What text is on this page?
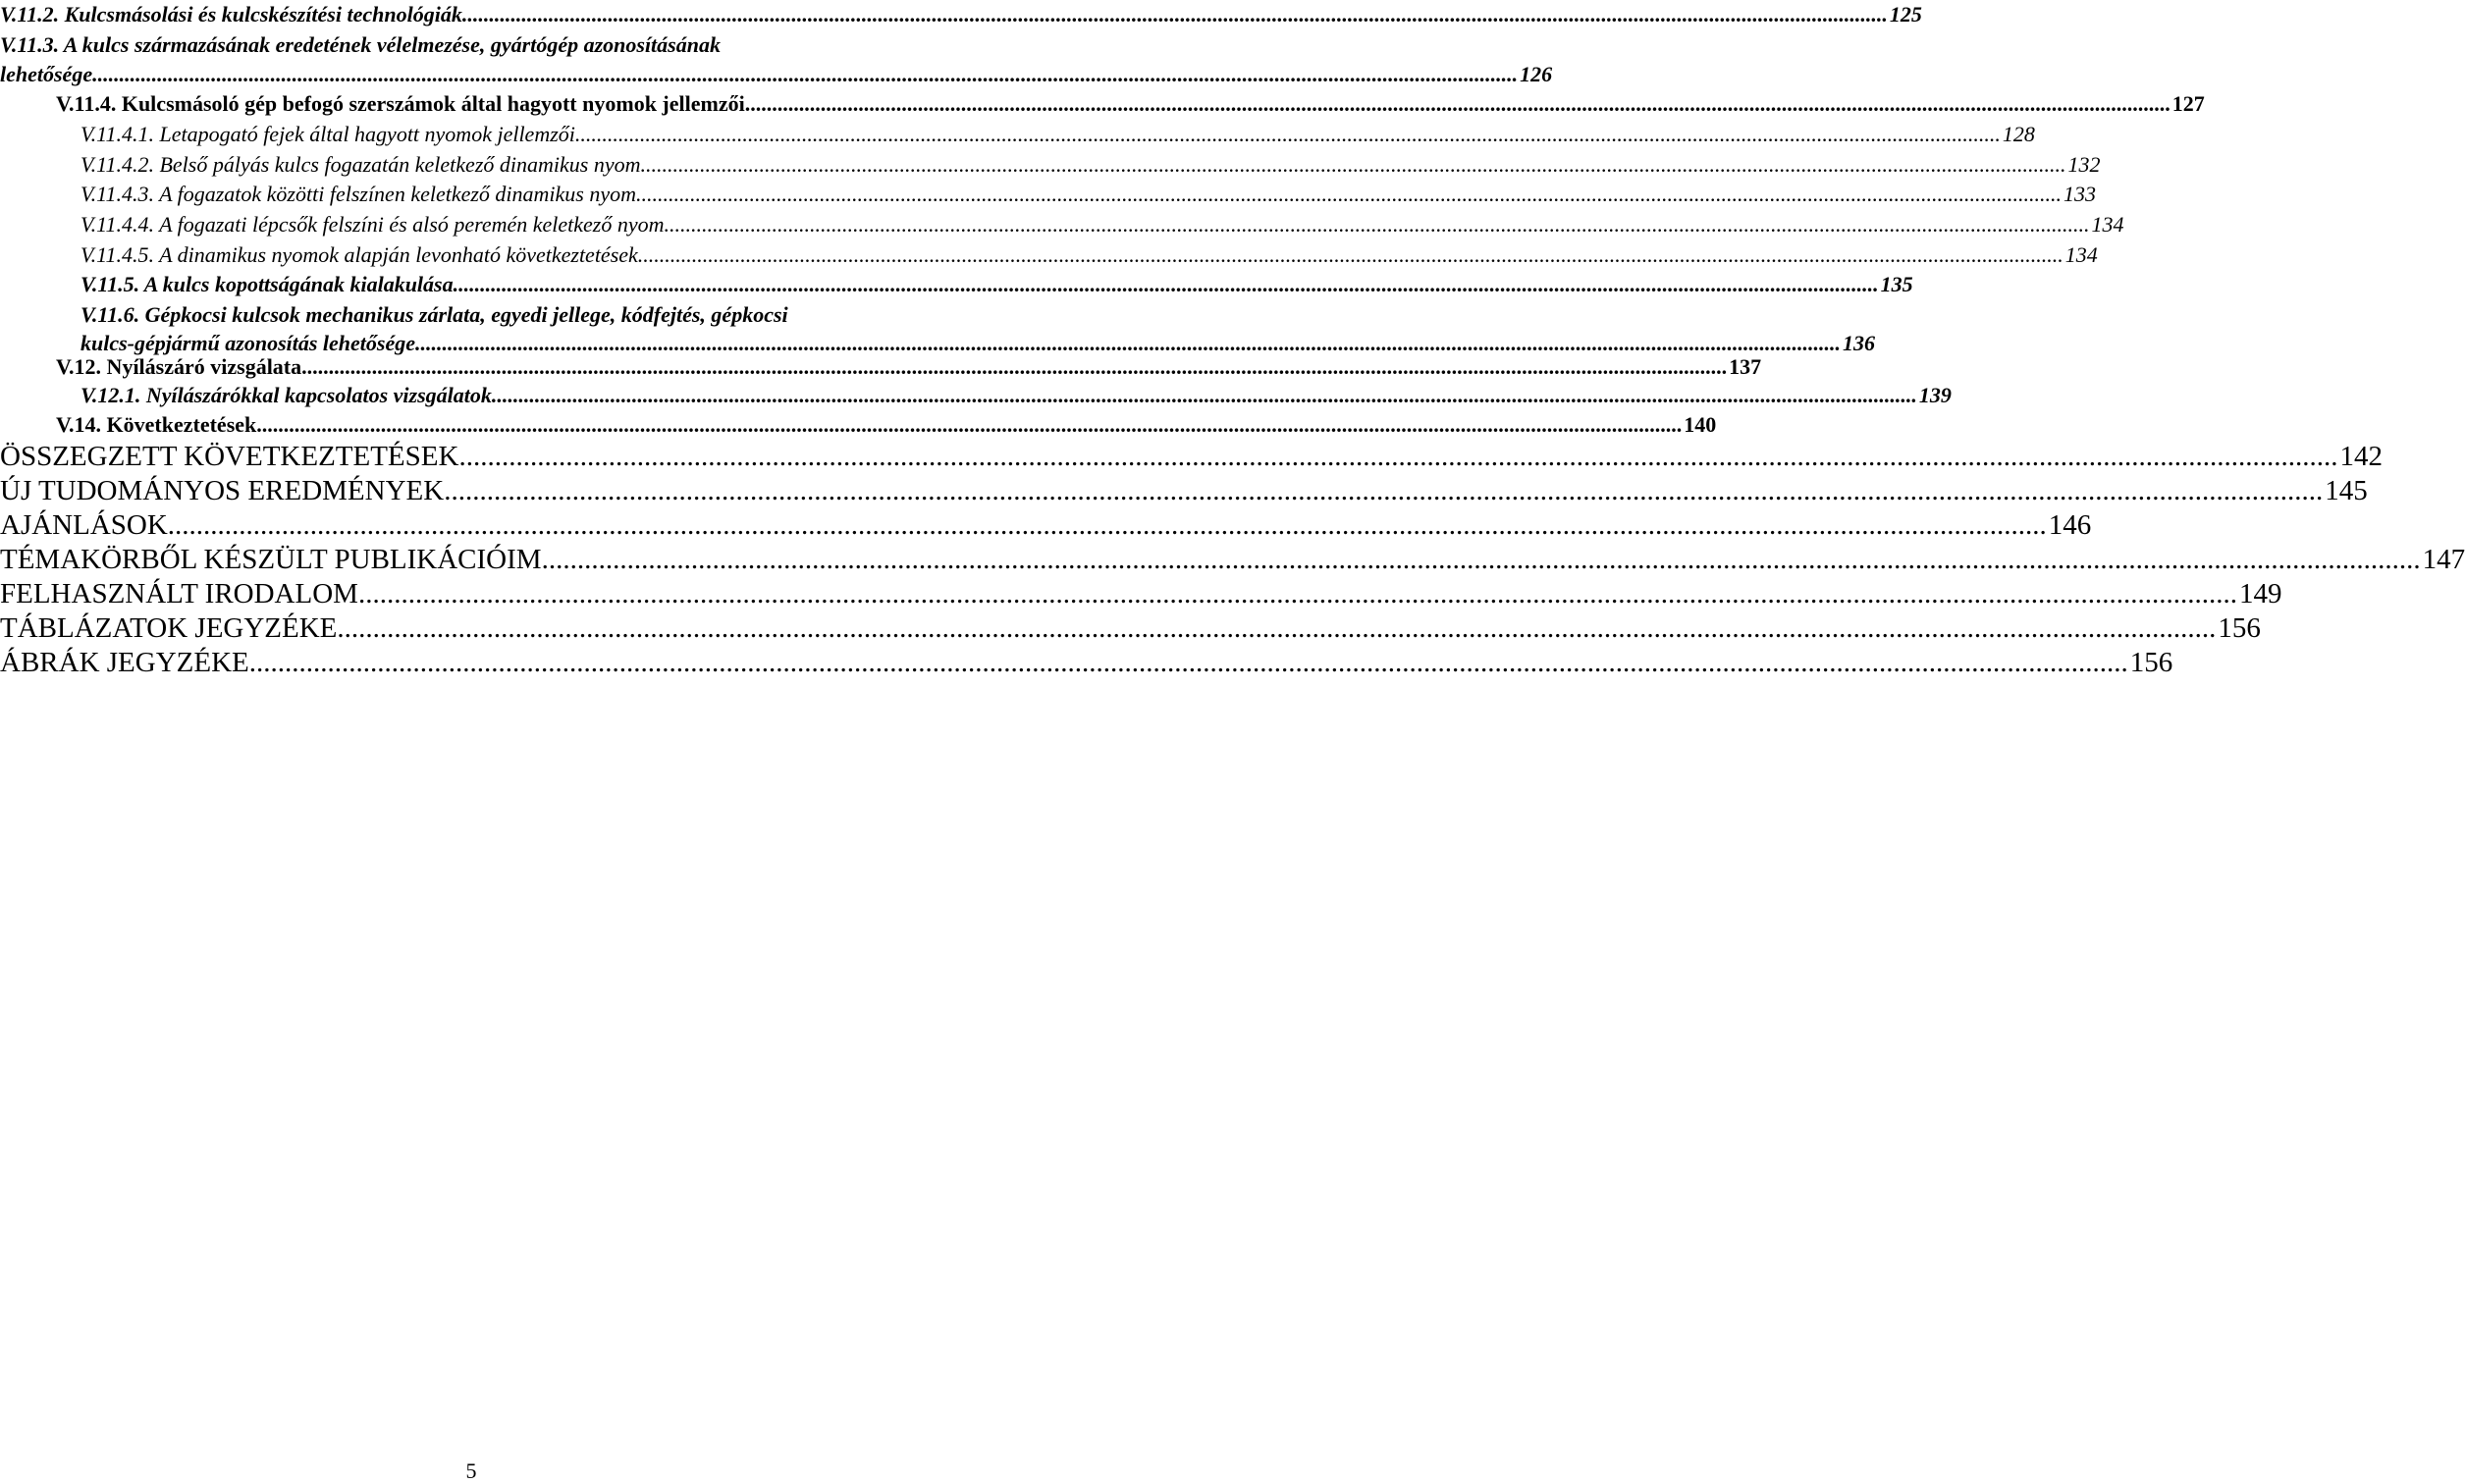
V.11.2. Kulcsmásolási és kulcskészítési technológiák .....	125
V.11.3. A kulcs származásának eredetének vélelmezése, gyártógép azonosításának
lehetősége .....	126
V.11.4. Kulcsmásoló gép befogó szerszámok által hagyott nyomok jellemzői .....	127
V.11.4.1. Letapogató fejek által hagyott nyomok jellemzői .....	128
V.11.4.2. Belső pályás kulcs fogazatán keletkező dinamikus nyom .....	132
V.11.4.3. A fogazatok közötti felszínen keletkező dinamikus nyom .....	133
V.11.4.4. A fogazati lépcsők felszíni és alsó peremén keletkező nyom .....	134
V.11.4.5. A dinamikus nyomok alapján levonható következtetések .....	134
V.11.5. A kulcs kopottságának kialakulása .....	135
V.11.6. Gépkocsi kulcsok mechanikus zárlata, egyedi jellege, kódfejtés, gépkocsi
kulcs-gépjármű azonosítás lehetősége .....	136
V.12. Nyílászáró vizsgálata .....	137
V.12.1. Nyílászárókkal kapcsolatos vizsgálatok .....	139
V.14. Következtetések .....	140
ÖSSZEGZETT KÖVETKEZTETÉSEK .....	142
ÚJ TUDOMÁNYOS EREDMÉNYEK .....	145
AJÁNLÁSOK .....	146
TÉMAKÖRBŐL KÉSZÜLT PUBLIKÁCIÓIM .....	147
FELHASZNÁLT IRODALOM .....	149
TÁBLÁZATOK JEGYZÉKE .....	156
ÁBRÁK JEGYZÉKE .....	156
5
